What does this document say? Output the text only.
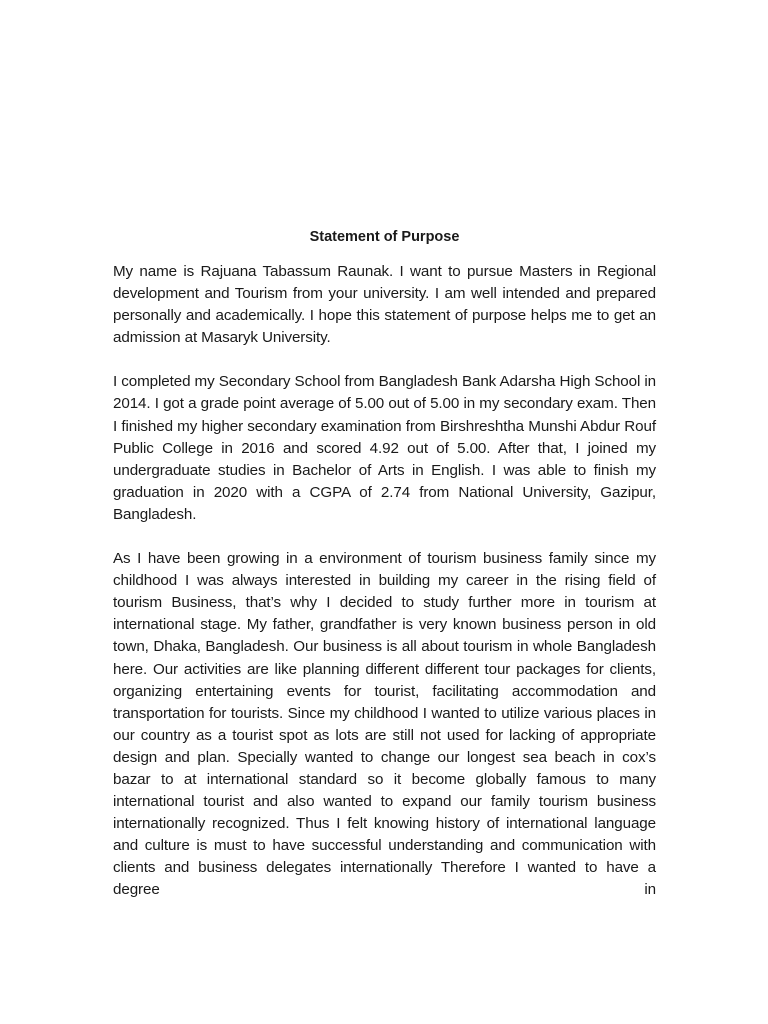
Statement of Purpose

My name is Rajuana Tabassum Raunak. I want to pursue Masters in Regional development and Tourism from your university. I am well intended and prepared personally and academically. I hope this statement of purpose helps me to get an admission at Masaryk University.

I completed my Secondary School from Bangladesh Bank Adarsha High School in 2014. I got a grade point average of 5.00 out of 5.00 in my secondary exam. Then I finished my higher secondary examination from Birshreshtha Munshi Abdur Rouf Public College in 2016 and scored 4.92 out of 5.00. After that, I joined my undergraduate studies in Bachelor of Arts in English. I was able to finish my graduation in 2020 with a CGPA of 2.74 from National University, Gazipur, Bangladesh.

As I have been growing in a environment of tourism business family since my childhood I was always interested in building my career in the rising field of tourism Business, that’s why I decided to study further more in tourism at international stage. My father, grandfather is very known business person in old town, Dhaka, Bangladesh. Our business is all about tourism in whole Bangladesh here. Our activities are like planning different different tour packages for clients, organizing entertaining events for tourist, facilitating accommodation and transportation for tourists. Since my childhood I wanted to utilize various places in our country as a tourist spot as lots are still not used for lacking of appropriate design and plan. Specially wanted to change our longest sea beach in cox’s bazar to at international standard so it become globally famous to many international tourist and also wanted to expand our family tourism business internationally recognized. Thus I felt knowing history of international language and culture is must to have successful understanding and communication with clients and business delegates internationally Therefore I wanted to have a degree in
